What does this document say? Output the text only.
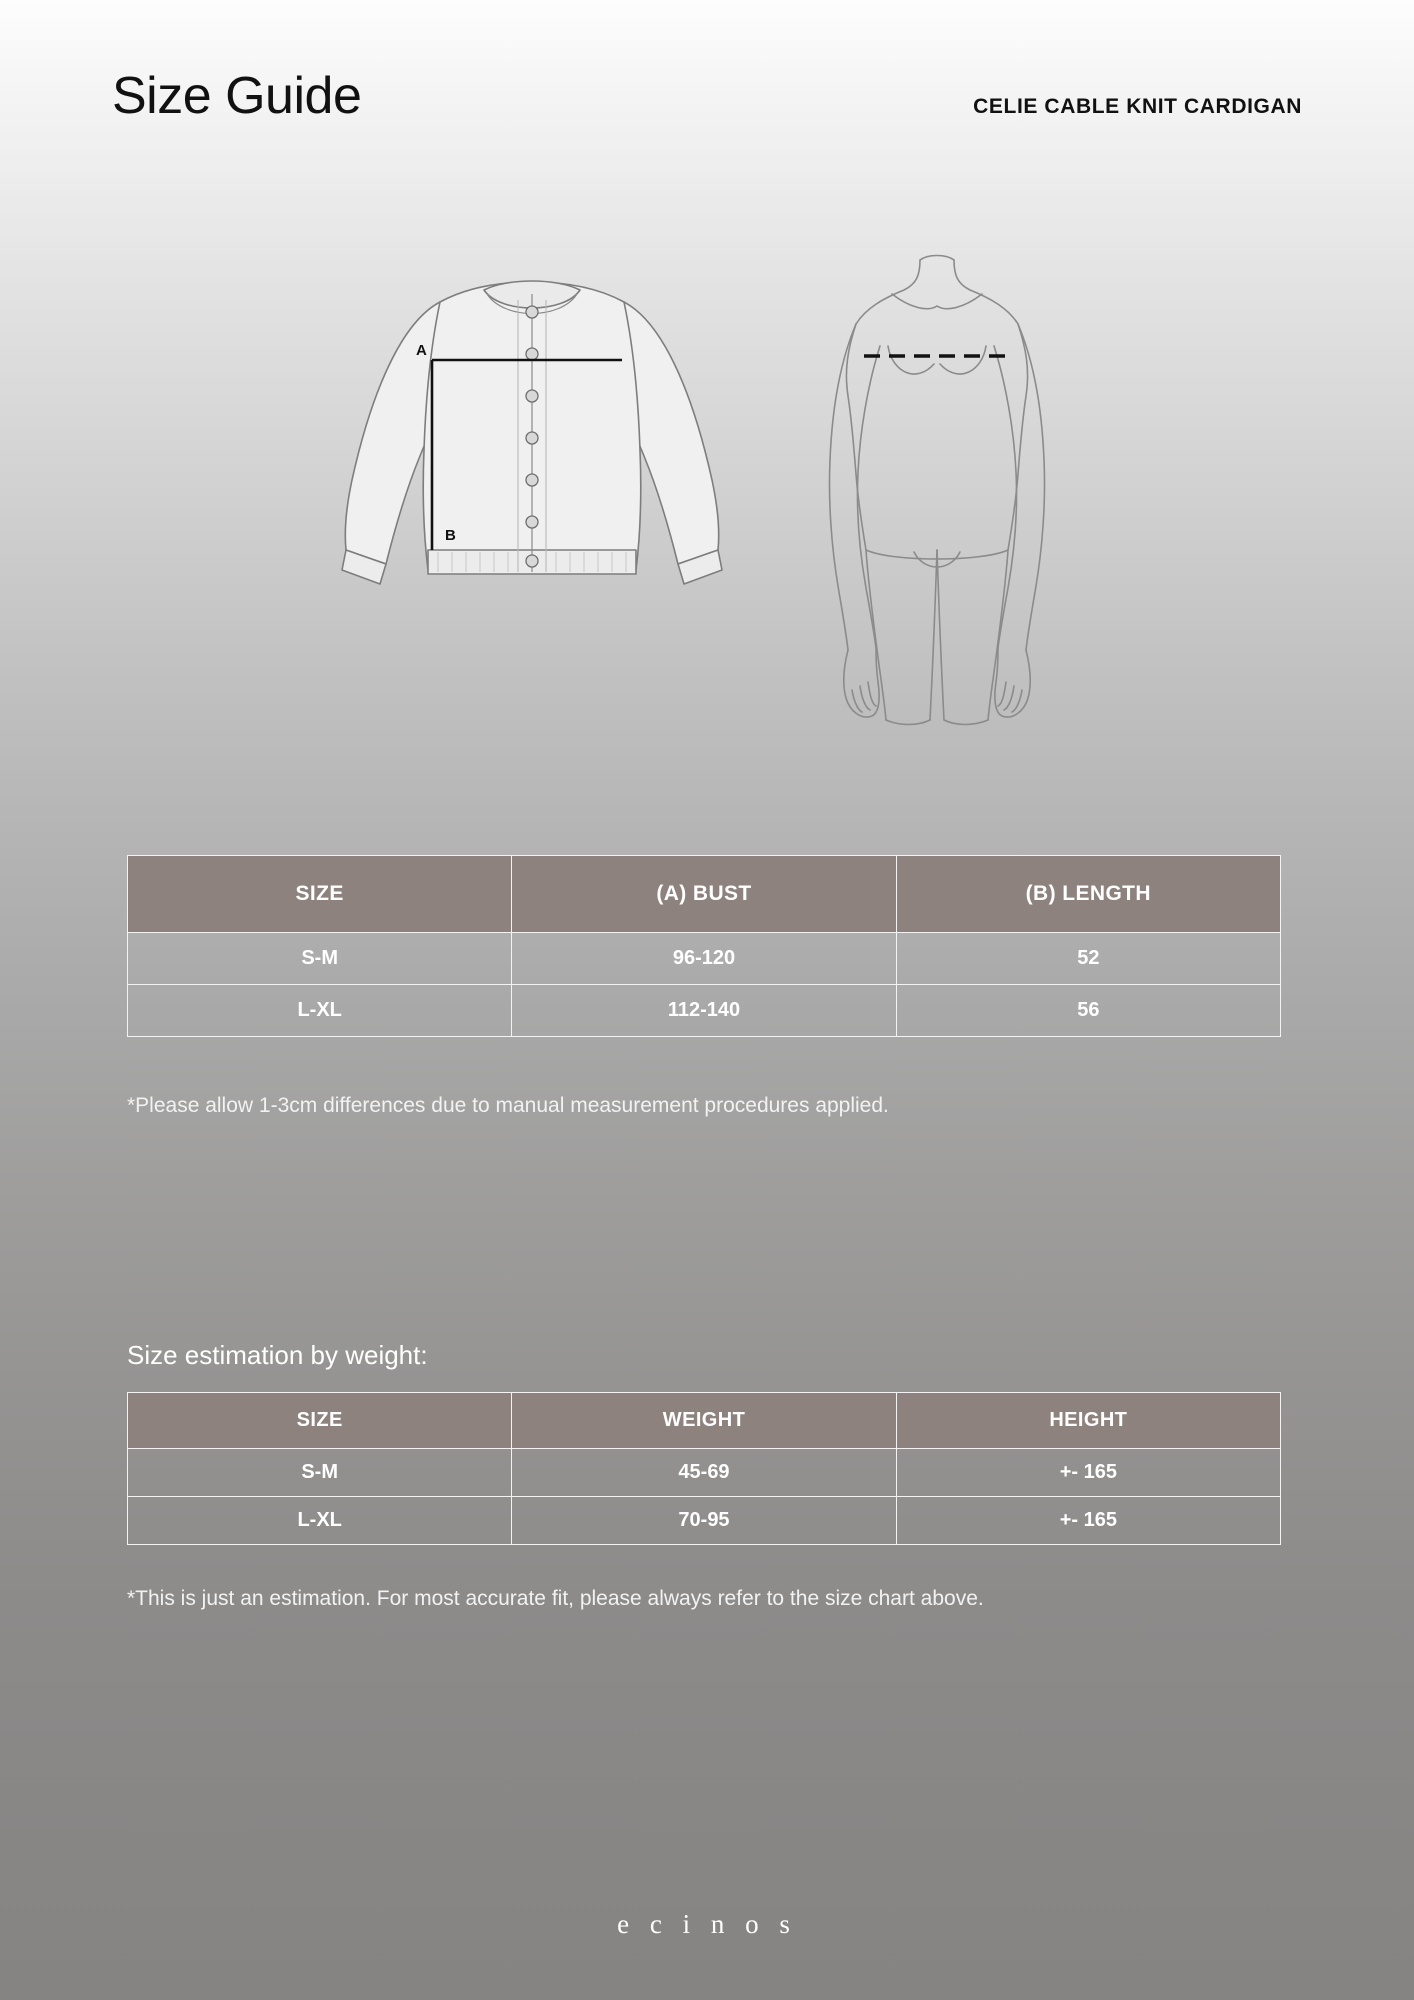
Size Guide	CELIE CABLE KNIT CARDIGAN
A
B
SIZE	(A) BUST	(B) LENGTH
S-M	96-120	52
L-XL	112-140	56
*Please allow 1-3cm differences due to manual measurement procedures applied.
Size estimation by weight:
SIZE	WEIGHT	HEIGHT
S-M	45-69	+- 165
L-XL	70-95	+- 165
*This is just an estimation. For most accurate fit, please always refer to the size chart above.
e c i n o s
